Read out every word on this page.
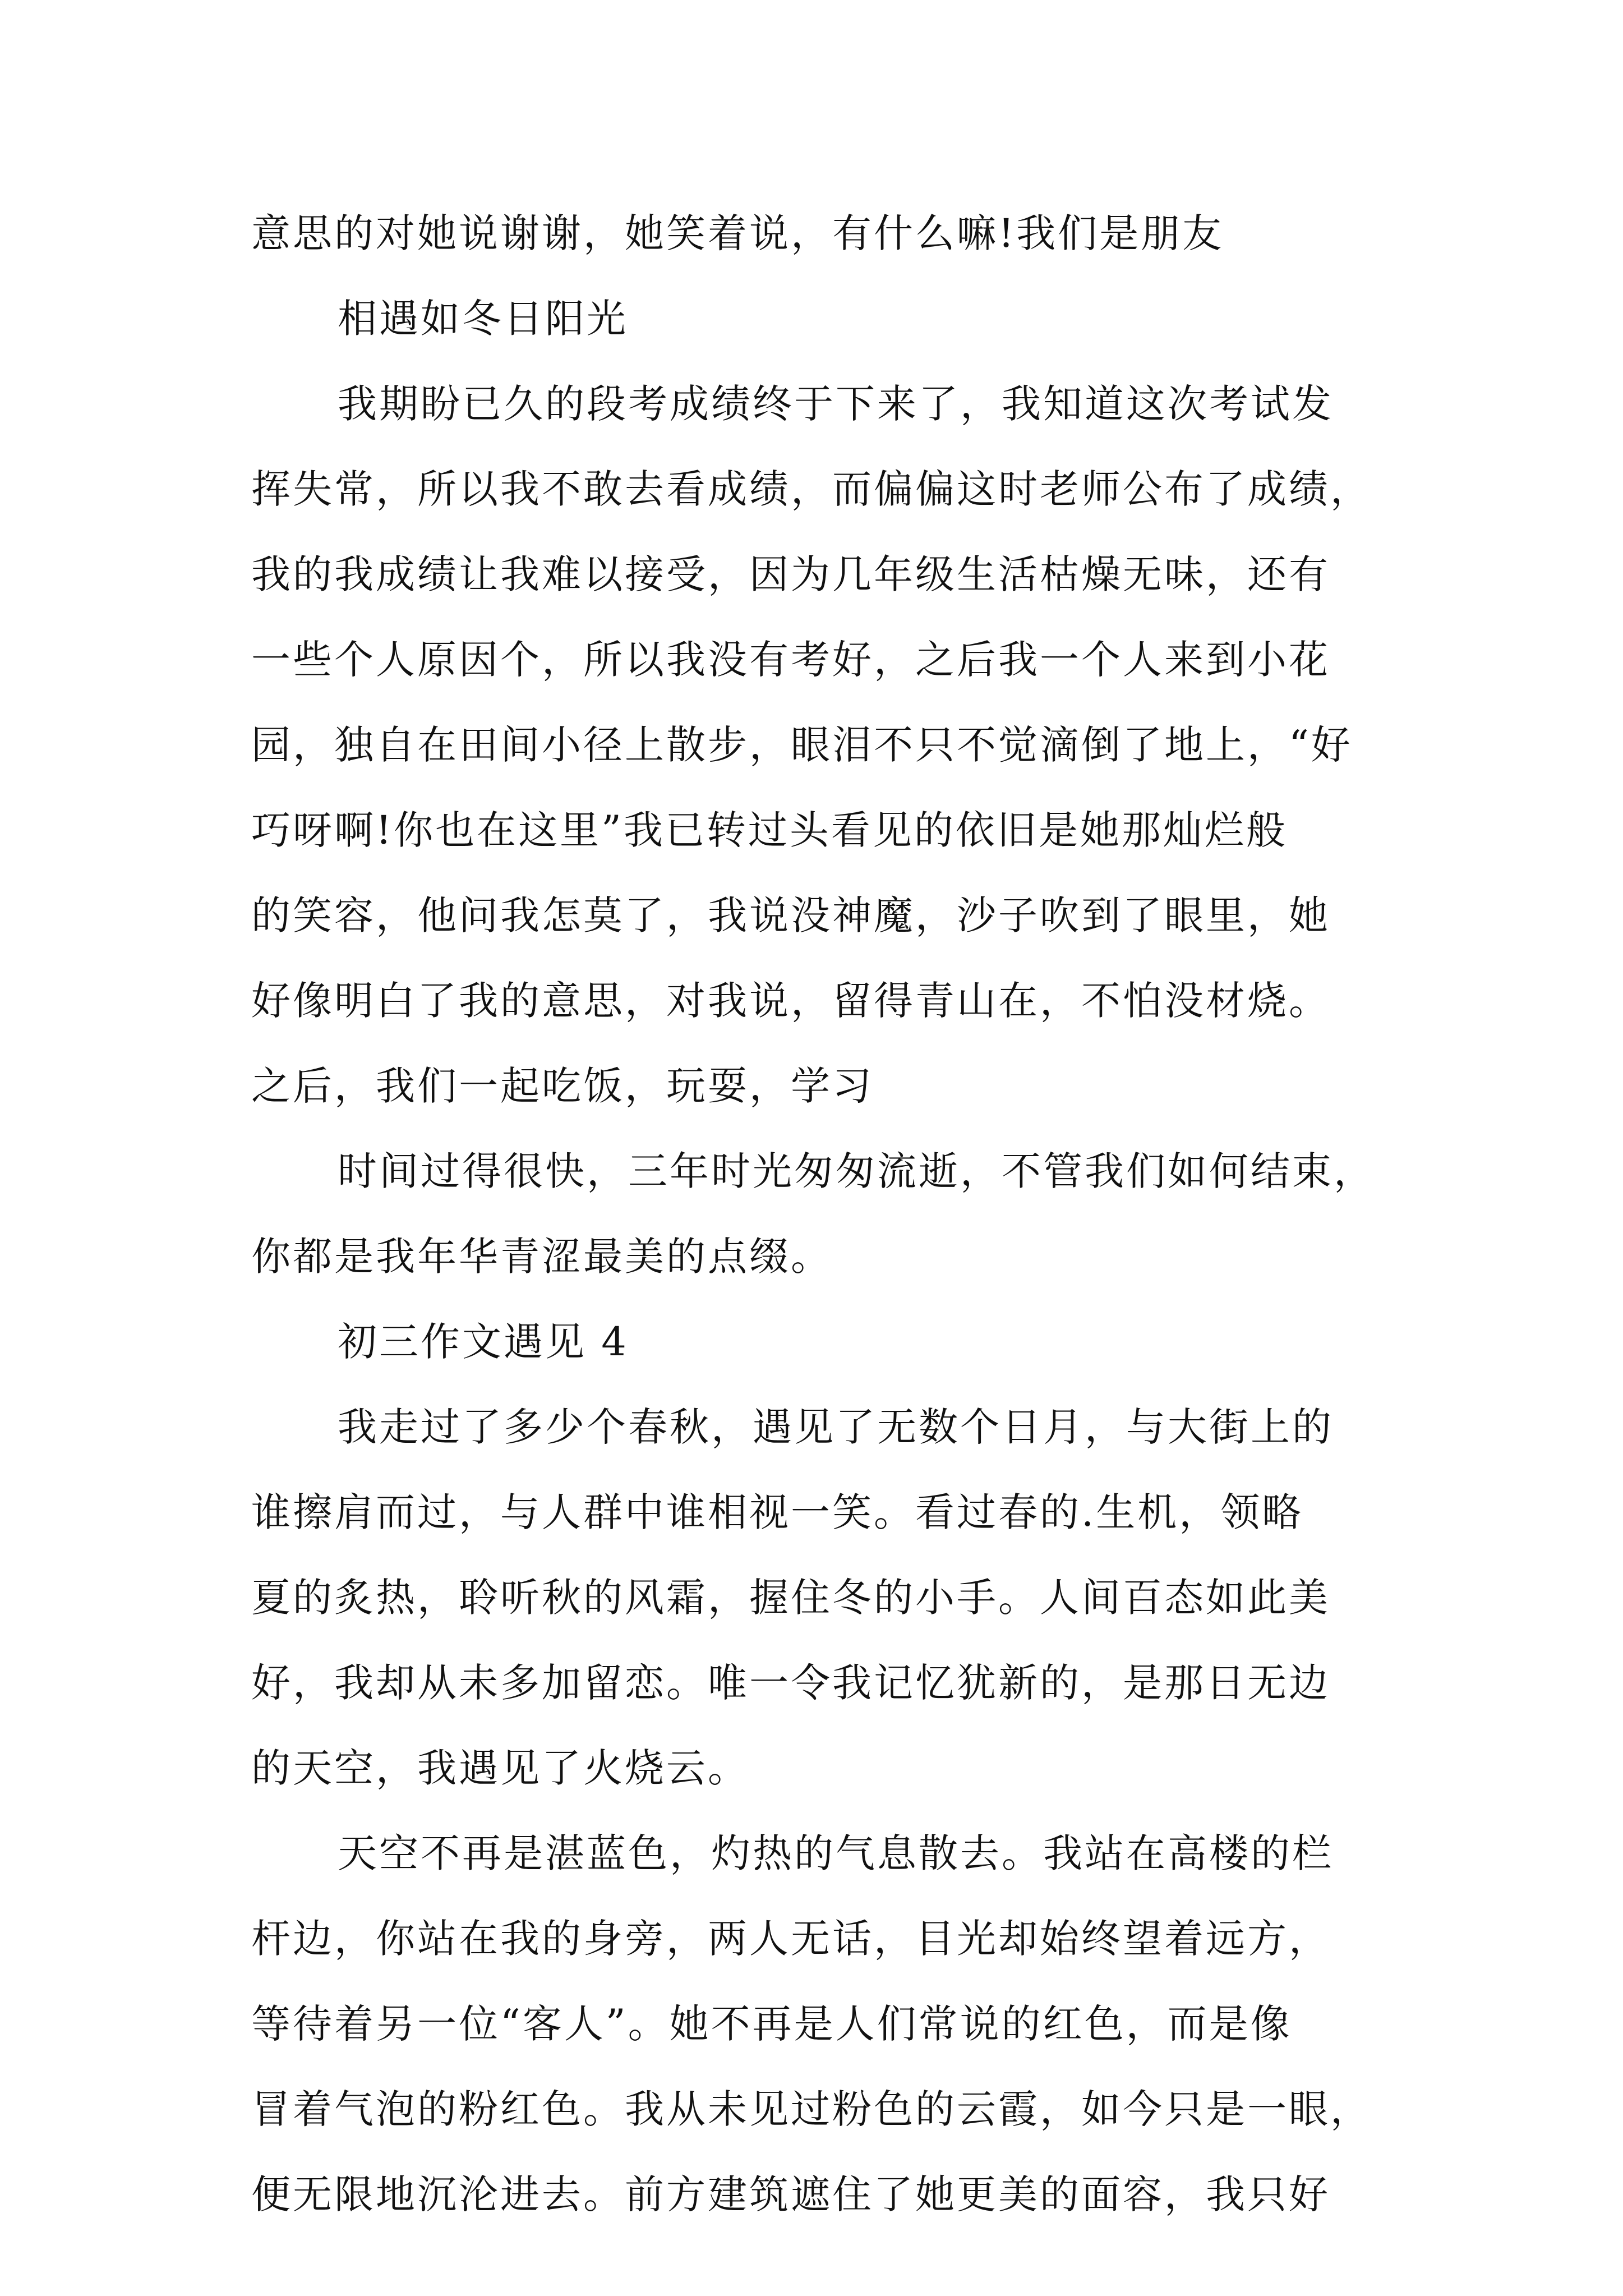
意思的对她说谢谢，她笑着说，有什么嘛!我们是朋友
相遇如冬日阳光
我期盼已久的段考成绩终于下来了，我知道这次考试发
挥失常，所以我不敢去看成绩，而偏偏这时老师公布了成绩，
我的我成绩让我难以接受，因为几年级生活枯燥无味，还有
一些个人原因个，所以我没有考好，之后我一个人来到小花
园，独自在田间小径上散步，眼泪不只不觉滴倒了地上，“好
巧呀啊!你也在这里”我已转过头看见的依旧是她那灿烂般
的笑容，他问我怎莫了，我说没神魔，沙子吹到了眼里，她
好像明白了我的意思，对我说，留得青山在，不怕没材烧。
之后，我们一起吃饭，玩耍，学习
时间过得很快，三年时光匆匆流逝，不管我们如何结束，
你都是我年华青涩最美的点缀。
初三作文遇见 4
我走过了多少个春秋，遇见了无数个日月，与大街上的
谁擦肩而过，与人群中谁相视一笑。看过春的.生机，领略
夏的炙热，聆听秋的风霜，握住冬的小手。人间百态如此美
好，我却从未多加留恋。唯一令我记忆犹新的，是那日无边
的天空，我遇见了火烧云。
天空不再是湛蓝色，灼热的气息散去。我站在高楼的栏
杆边，你站在我的身旁，两人无话，目光却始终望着远方，
等待着另一位“客人”。她不再是人们常说的红色，而是像
冒着气泡的粉红色。我从未见过粉色的云霞，如今只是一眼，
便无限地沉沦进去。前方建筑遮住了她更美的面容，我只好
